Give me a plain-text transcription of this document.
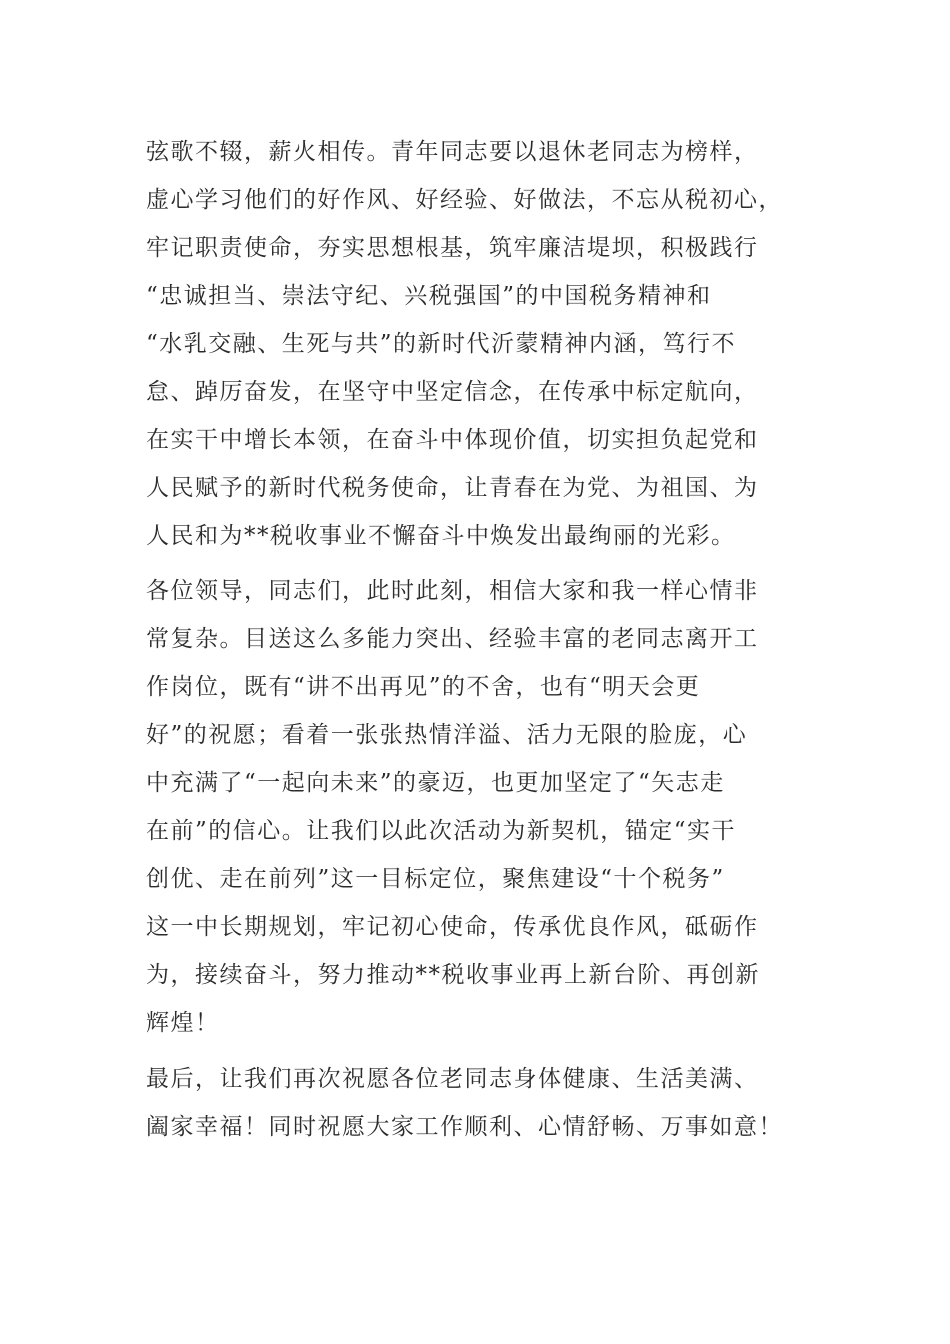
弦歌不辍，薪火相传。青年同志要以退休老同志为榜样，
虚心学习他们的好作风、好经验、好做法，不忘从税初心，
牢记职责使命，夯实思想根基，筑牢廉洁堤坝，积极践行
“忠诚担当、崇法守纪、兴税强国”的中国税务精神和
“水乳交融、生死与共”的新时代沂蒙精神内涵，笃行不
怠、踔厉奋发，在坚守中坚定信念，在传承中标定航向，
在实干中增长本领，在奋斗中体现价值，切实担负起党和
人民赋予的新时代税务使命，让青春在为党、为祖国、为
人民和为**税收事业不懈奋斗中焕发出最绚丽的光彩。

各位领导，同志们，此时此刻，相信大家和我一样心情非
常复杂。目送这么多能力突出、经验丰富的老同志离开工
作岗位，既有“讲不出再见”的不舍，也有“明天会更
好”的祝愿；看着一张张热情洋溢、活力无限的脸庞，心
中充满了“一起向未来”的豪迈，也更加坚定了“矢志走
在前”的信心。让我们以此次活动为新契机，锚定“实干
创优、走在前列”这一目标定位，聚焦建设“十个税务”
这一中长期规划，牢记初心使命，传承优良作风，砥砺作
为，接续奋斗，努力推动**税收事业再上新台阶、再创新
辉煌！

最后，让我们再次祝愿各位老同志身体健康、生活美满、
阖家幸福！同时祝愿大家工作顺利、心情舒畅、万事如意！
